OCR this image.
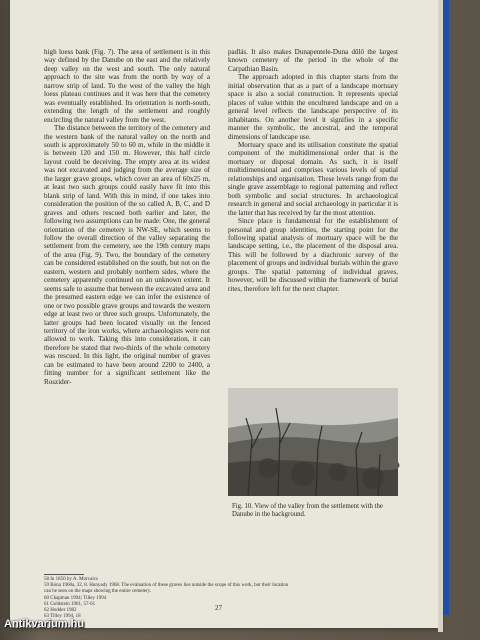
high loess bank (Fig. 7). The area of settlement is in this way defined by the Danube on the east and the relatively deep valley on the west and south. The only natural approach to the site was from the north by way of a narrow strip of land. To the west of the valley the high loess plateau continues and it was here that the cemetery was eventually established. Its orientation is north-south, extending the length of the settlement and roughly encircling the natural valley from the west.

The distance between the territory of the cemetery and the western bank of the natural valley on the north and south is approximately 50 to 60 m, while in the middle it is between 120 and 150 m. However, this half circle layout could be deceiving. The empty area at its widest was not excavated and judging from the average size of the larger grave groups, which cover an area of 60x25 m, at least two such groups could easily have fit into this blank strip of land. With this in mind, if one takes into consideration the position of the so called A, B, C, and D graves and others rescued both earlier and later, the following two assumptions can be made: One, the general orientation of the cemetery is NW-SE, which seems to follow the overall direction of the valley separating the settlement from the cemetery, see the 19th century maps of the area (Fig. 9). Two, the boundary of the cemetery can be considered established on the south, but not on the eastern, western and probably northern sides, where the cemetery apparently continued on an unknown extent. It seems safe to assume that between the excavated area and the presumed eastern edge we can infer the existence of one or two possible grave groups and towards the western edge at least two or three such groups. Unfortunately, the latter groups had been located visually on the fenced territory of the iron works, where archaeologists were not allowed to work. Taking this into consideration, it can therefore be stated that two-thirds of the whole cemetery was rescued. In this light, the original number of graves can be estimated to have been around 2200 to 2400, a fitting number for a significant settlement like the Roszider-

padlás. It also makes Dunapentele-Duna dűlő the largest known cemetery of the period in the whole of the Carpathian Basin.

The approach adopted in this chapter starts from the initial observation that as a part of a landscape mortuary space is also a social construction. It represents special places of value within the encultured landscape and on a general level reflects the landscape perspective of its inhabitants. On another level it signifies in a specific manner the symbolic, the ancestral, and the temporal dimensions of landscape use.

Mortuary space and its utilisation constitute the spatial component of the multidimensional order that is the mortuary or disposal domain. As such, it is itself multidimensional and comprises various levels of spatial relationships and organisation. These levels range from the single grave assemblage to regional patterning and reflect both symbolic and social structures. In archaeological research in general and social archaeology in particular it is the latter that has received by far the most attention.

Since place is fundamental for the establishment of personal and group identities, the starting point for the following spatial analysis of mortuary space will be the landscape setting, i.e., the placement of the disposal area. This will be followed by a diachronic survey of the placement of groups and individual burials within the grave groups. The spatial patterning of individual graves, however, will be discussed within the framework of burial rites, therefore left for the next chapter.

Fig. 10. View of the valley from the settlement with the Danube in the background.
58 In 1850 by A. Morvaics
59 Bóna 1960a, 32, 8. Hunyady 1968. The evaluation of these graves lies outside the scope of this work, but their location
can be seen on the maps showing the entire cemetery.
60 Chapman 1994; Tilley 1994
61 Goldstein 1981, 57-61
62 Hodder 1982
63 Tilley 1994, 18
27
Antikvarium.hu
